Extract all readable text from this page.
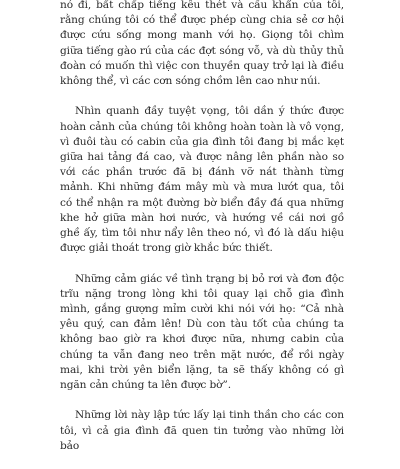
nó đi, bất chấp tiếng kêu thét và cầu khẩn của tôi, rằng chúng tôi có thể được phép cùng chia sẻ cơ hội được cứu sống mong manh với họ. Giọng tôi chìm giữa tiếng gào rú của các đợt sóng vỗ, và dù thủy thủ đoàn có muốn thì việc con thuyền quay trở lại là điều không thể, vì các cơn sóng chồm lên cao như núi.

Nhìn quanh đầy tuyệt vọng, tôi dần ý thức được hoàn cảnh của chúng tôi không hoàn toàn là vô vọng, vì đuôi tàu có cabin của gia đình tôi đang bị mắc kẹt giữa hai tảng đá cao, và được nâng lên phần nào so với các phần trước đã bị đánh vỡ nát thành từng mảnh. Khi những đám mây mù và mưa lướt qua, tôi có thể nhận ra một đường bờ biển đầy đá qua những khe hở giữa màn hơi nước, và hướng về cái nơi gồ ghề ấy, tìm tôi như nẩy lên theo nó, vì đó là dấu hiệu được giải thoát trong giờ khắc bức thiết.

Những cảm giác về tình trạng bị bỏ rơi và đơn độc trĩu nặng trong lòng khi tôi quay lại chỗ gia đình mình, gắng gượng mỉm cười khi nói với họ: “Cả nhà yêu quý, can đảm lên! Dù con tàu tốt của chúng ta không bao giờ ra khơi được nữa, nhưng cabin của chúng ta vẫn đang neo trên mặt nước, để rồi ngày mai, khi trời yên biển lặng, ta sẽ thấy không có gì ngăn cản chúng ta lên được bờ”.

Những lời này lập tức lấy lại tinh thần cho các con tôi, vì cả gia đình đã quen tin tưởng vào những lời bảo
